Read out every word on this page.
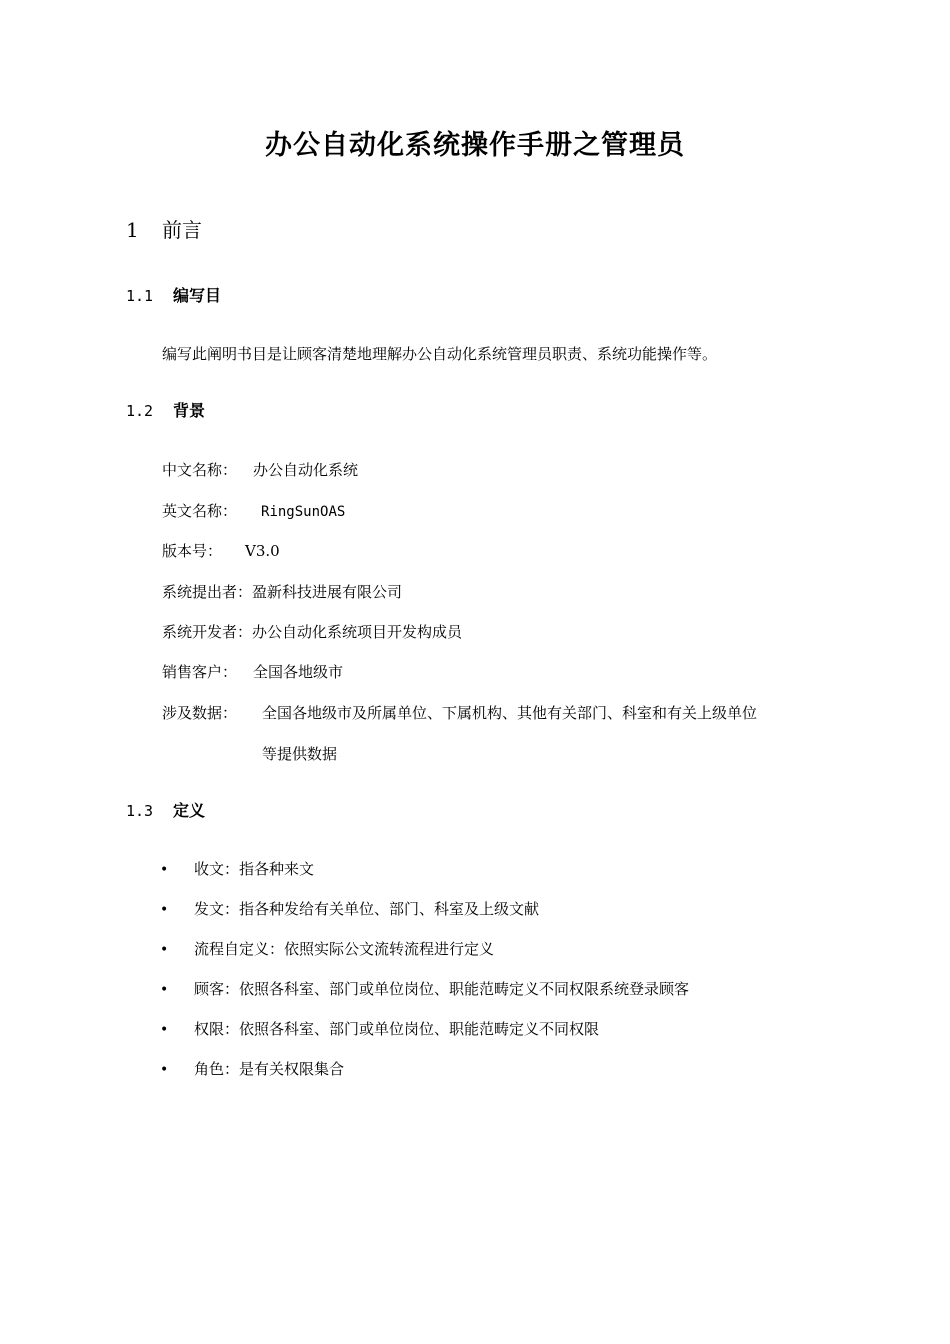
办公自动化系统操作手册之管理员
1 前言
1.1 编写目
编写此阐明书目是让顾客清楚地理解办公自动化系统管理员职责、系统功能操作等。
1.2 背景
中文名称： 办公自动化系统
英文名称： RingSunOAS
版本号： V3.0
系统提出者：盈新科技进展有限公司
系统开发者：办公自动化系统项目开发构成员
销售客户： 全国各地级市
涉及数据： 全国各地级市及所属单位、下属机构、其他有关部门、科室和有关上级单位
等提供数据
1.3 定义
• 收文：指各种来文
• 发文：指各种发给有关单位、部门、科室及上级文献
• 流程自定义：依照实际公文流转流程进行定义
• 顾客：依照各科室、部门或单位岗位、职能范畴定义不同权限系统登录顾客
• 权限：依照各科室、部门或单位岗位、职能范畴定义不同权限
• 角色：是有关权限集合
